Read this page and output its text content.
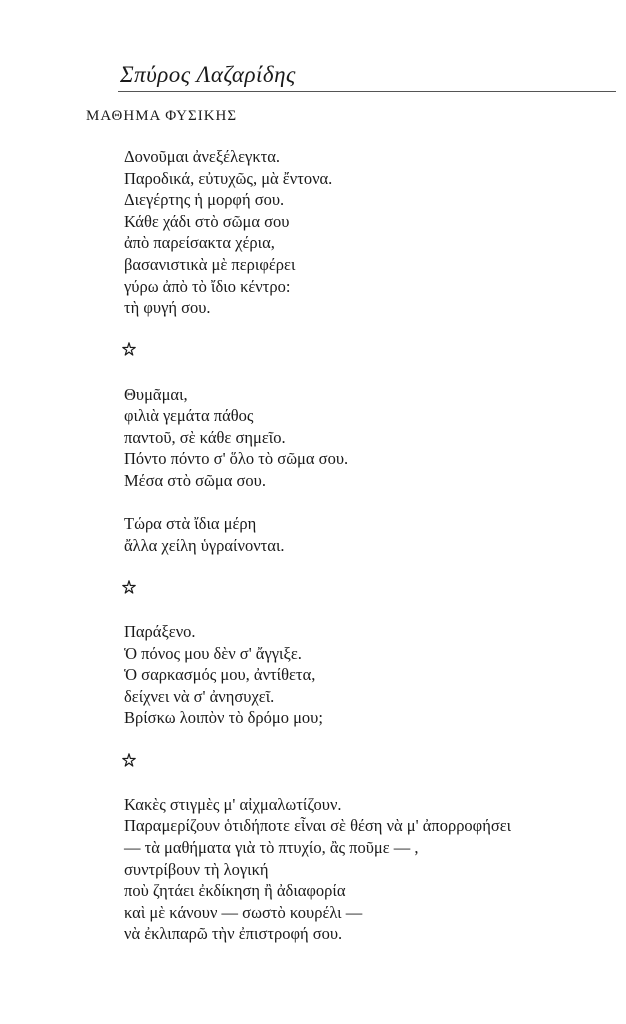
Σπύρος Λαζαρίδης
ΜΑΘΗΜΑ ΦΥΣΙΚΗΣ
Δονοῦμαι ἀνεξέλεγκτα.
Παροδικά, εὐτυχῶς, μὰ ἔντονα.
Διεγέρτης ἡ μορφή σου.
Κάθε χάδι στὸ σῶμα σου
ἀπὸ παρείσακτα χέρια,
βασανιστικὰ μὲ περιφέρει
γύρω ἀπὸ τὸ ἴδιο κέντρο:
τὴ φυγή σου.
Θυμᾶμαι,
φιλιὰ γεμάτα πάθος
παντοῦ, σὲ κάθε σημεῖο.
Πόντο πόντο σ' ὅλο τὸ σῶμα σου.
Μέσα στὸ σῶμα σου.
Τώρα στὰ ἴδια μέρη
ἄλλα χείλη ὑγραίνονται.
Παράξενο.
Ὁ πόνος μου δὲν σ' ἄγγιξε.
Ὁ σαρκασμός μου, ἀντίθετα,
δείχνει νὰ σ' ἀνησυχεῖ.
Βρίσκω λοιπὸν τὸ δρόμο μου;
Κακὲς στιγμὲς μ' αἰχμαλωτίζουν.
Παραμερίζουν ὁτιδήποτε εἶναι σὲ θέση νὰ μ' ἀπορροφήσει
— τὰ μαθήματα γιὰ τὸ πτυχίο, ἂς ποῦμε — ,
συντρίβουν τὴ λογική
ποὺ ζητάει ἐκδίκηση ἢ ἀδιαφορία
καὶ μὲ κάνουν — σωστὸ κουρέλι —
νὰ ἐκλιπαρῶ τὴν ἐπιστροφή σου.
